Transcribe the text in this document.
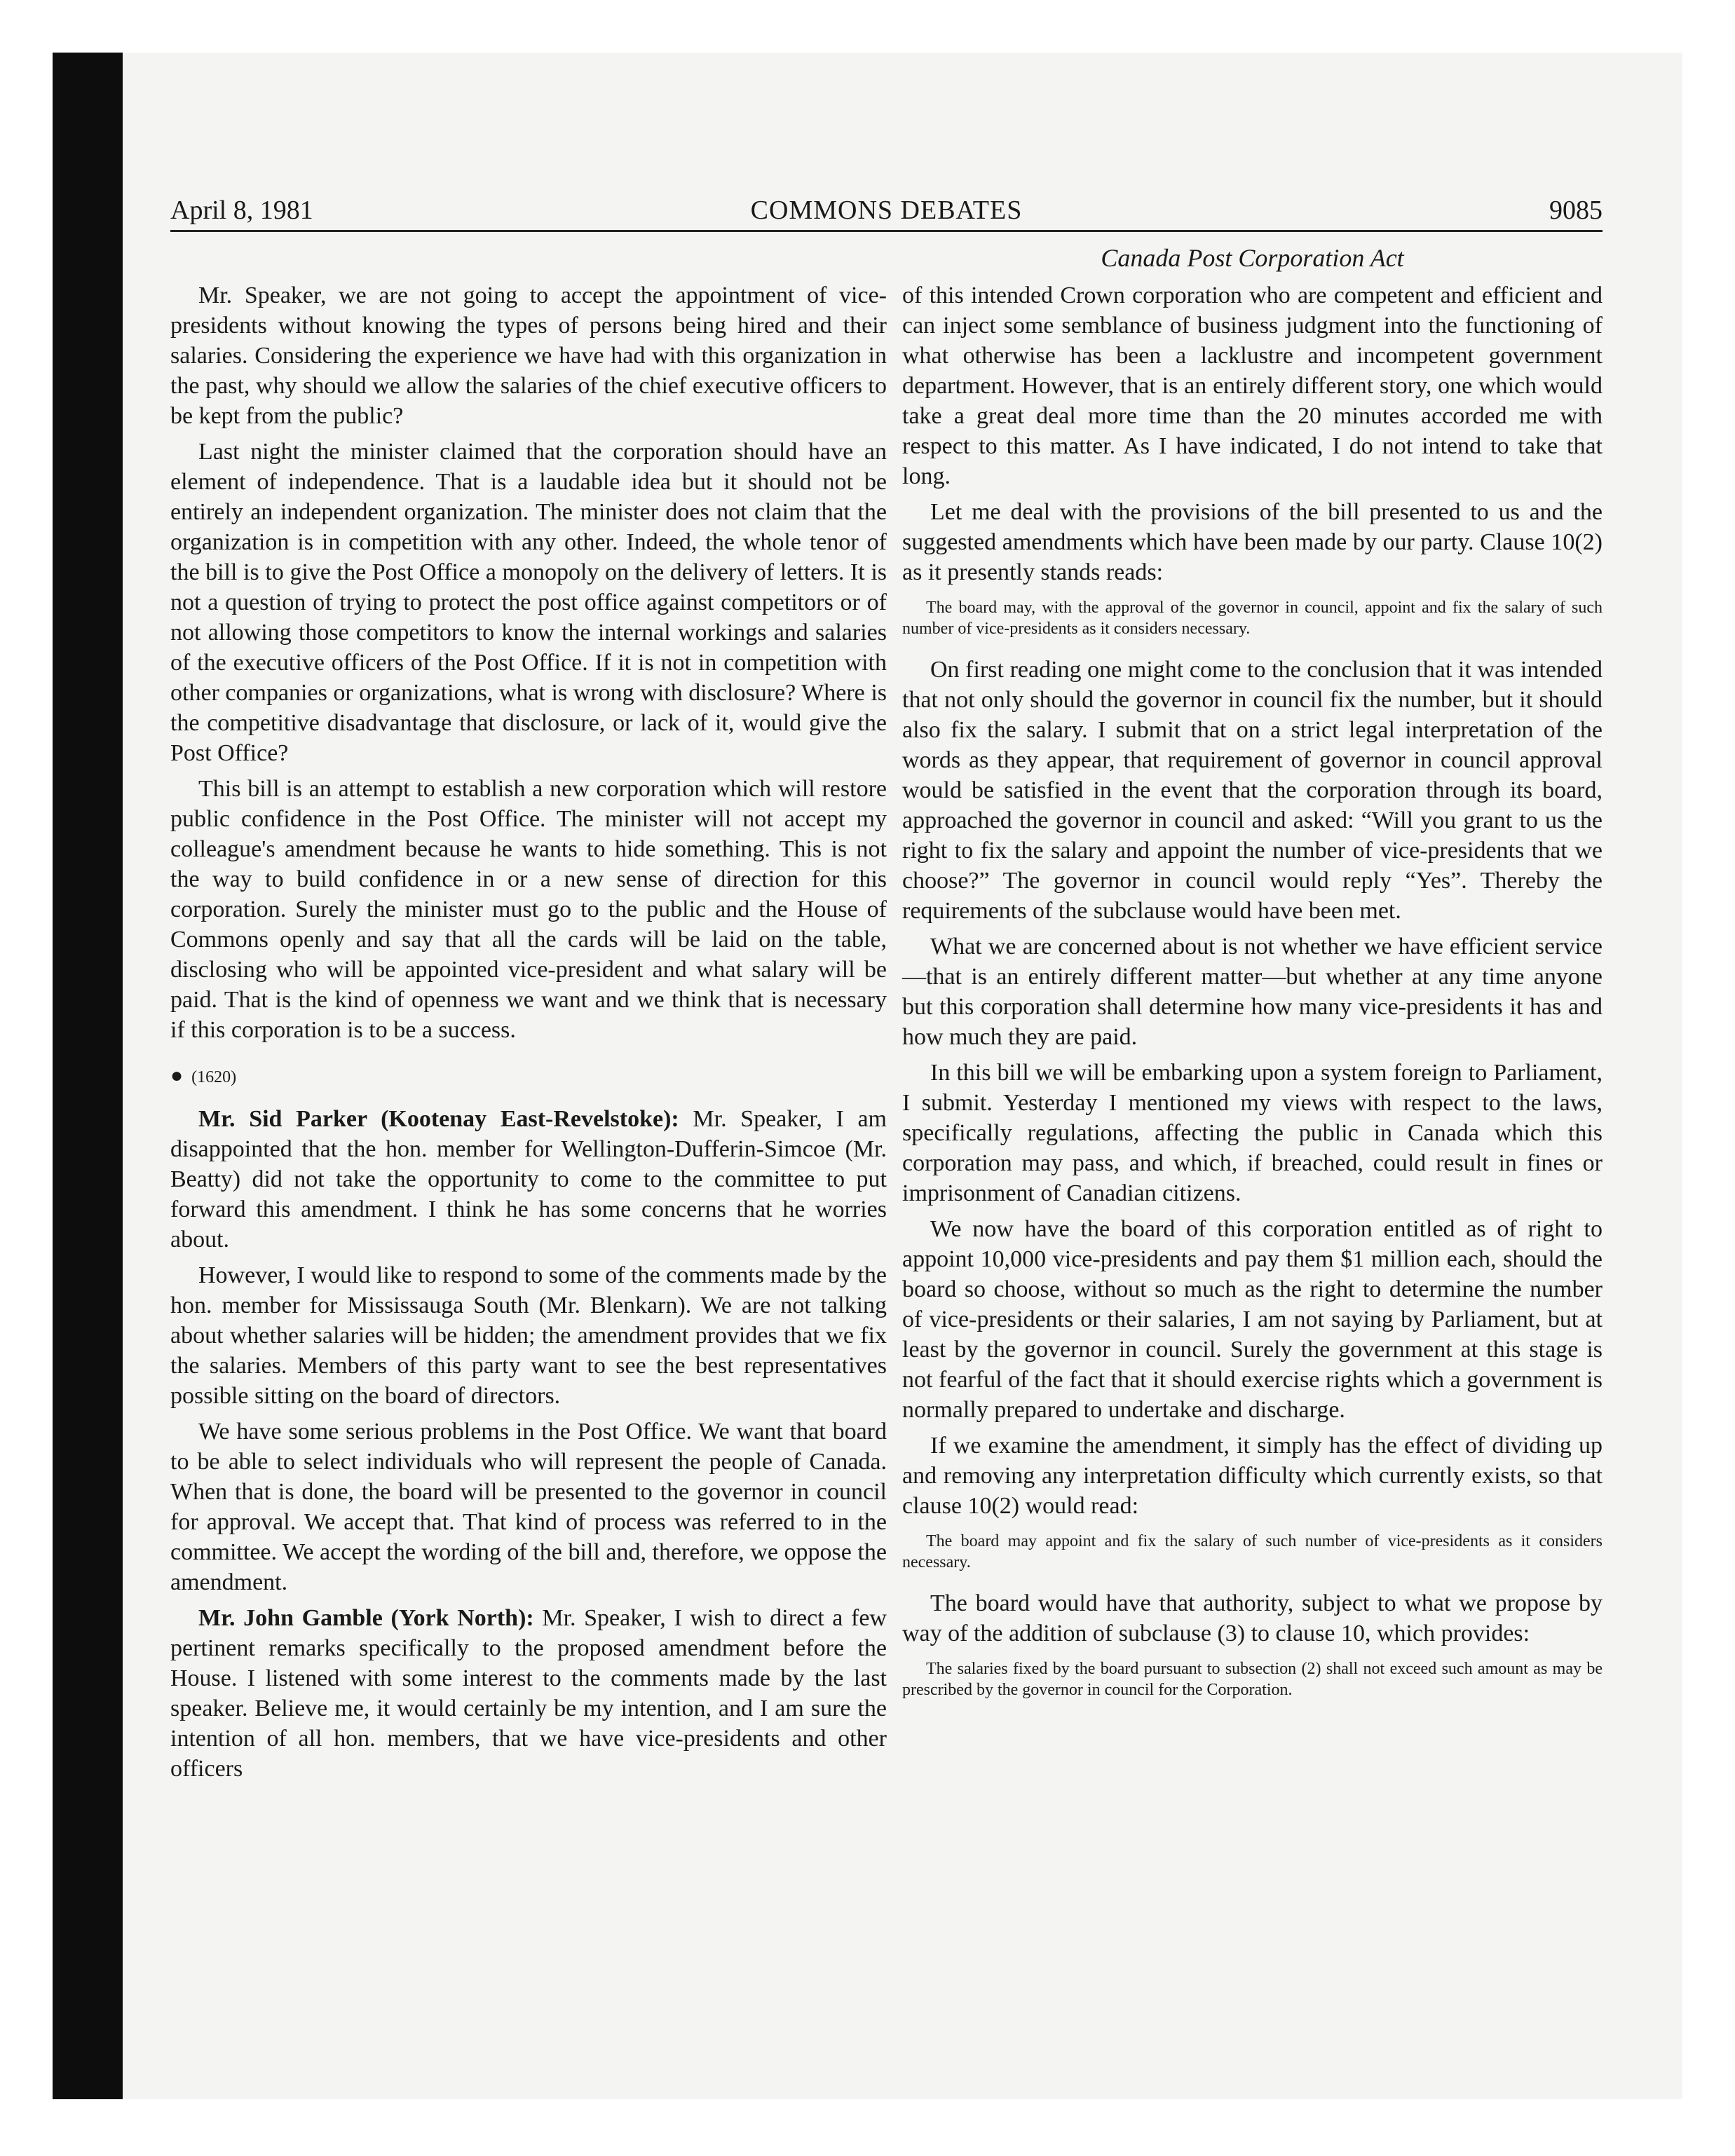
April 8, 1981	COMMONS DEBATES	9085
Canada Post Corporation Act

Mr. Speaker, we are not going to accept the appointment of vice-presidents without knowing the types of persons being hired and their salaries. Considering the experience we have had with this organization in the past, why should we allow the salaries of the chief executive officers to be kept from the public?

Last night the minister claimed that the corporation should have an element of independence. That is a laudable idea but it should not be entirely an independent organization. The minister does not claim that the organization is in competition with any other. Indeed, the whole tenor of the bill is to give the Post Office a monopoly on the delivery of letters. It is not a question of trying to protect the post office against competitors or of not allowing those competitors to know the internal workings and salaries of the executive officers of the Post Office. If it is not in competition with other companies or organizations, what is wrong with disclosure? Where is the competitive disadvantage that disclosure, or lack of it, would give the Post Office?

This bill is an attempt to establish a new corporation which will restore public confidence in the Post Office. The minister will not accept my colleague's amendment because he wants to hide something. This is not the way to build confidence in or a new sense of direction for this corporation. Surely the minister must go to the public and the House of Commons openly and say that all the cards will be laid on the table, disclosing who will be appointed vice-president and what salary will be paid. That is the kind of openness we want and we think that is necessary if this corporation is to be a success.

● (1620)

Mr. Sid Parker (Kootenay East-Revelstoke): Mr. Speaker, I am disappointed that the hon. member for Wellington-Dufferin-Simcoe (Mr. Beatty) did not take the opportunity to come to the committee to put forward this amendment. I think he has some concerns that he worries about.

However, I would like to respond to some of the comments made by the hon. member for Mississauga South (Mr. Blenkarn). We are not talking about whether salaries will be hidden; the amendment provides that we fix the salaries. Members of this party want to see the best representatives possible sitting on the board of directors.

We have some serious problems in the Post Office. We want that board to be able to select individuals who will represent the people of Canada. When that is done, the board will be presented to the governor in council for approval. We accept that. That kind of process was referred to in the committee. We accept the wording of the bill and, therefore, we oppose the amendment.

Mr. John Gamble (York North): Mr. Speaker, I wish to direct a few pertinent remarks specifically to the proposed amendment before the House. I listened with some interest to the comments made by the last speaker. Believe me, it would certainly be my intention, and I am sure the intention of all hon. members, that we have vice-presidents and other officers

of this intended Crown corporation who are competent and efficient and can inject some semblance of business judgment into the functioning of what otherwise has been a lacklustre and incompetent government department. However, that is an entirely different story, one which would take a great deal more time than the 20 minutes accorded me with respect to this matter. As I have indicated, I do not intend to take that long.

Let me deal with the provisions of the bill presented to us and the suggested amendments which have been made by our party. Clause 10(2) as it presently stands reads:

The board may, with the approval of the governor in council, appoint and fix the salary of such number of vice-presidents as it considers necessary.

On first reading one might come to the conclusion that it was intended that not only should the governor in council fix the number, but it should also fix the salary. I submit that on a strict legal interpretation of the words as they appear, that requirement of governor in council approval would be satisfied in the event that the corporation through its board, approached the governor in council and asked: “Will you grant to us the right to fix the salary and appoint the number of vice-presidents that we choose?” The governor in council would reply “Yes”. Thereby the requirements of the subclause would have been met.

What we are concerned about is not whether we have efficient service—that is an entirely different matter—but whether at any time anyone but this corporation shall determine how many vice-presidents it has and how much they are paid.

In this bill we will be embarking upon a system foreign to Parliament, I submit. Yesterday I mentioned my views with respect to the laws, specifically regulations, affecting the public in Canada which this corporation may pass, and which, if breached, could result in fines or imprisonment of Canadian citizens.

We now have the board of this corporation entitled as of right to appoint 10,000 vice-presidents and pay them $1 million each, should the board so choose, without so much as the right to determine the number of vice-presidents or their salaries, I am not saying by Parliament, but at least by the governor in council. Surely the government at this stage is not fearful of the fact that it should exercise rights which a government is normally prepared to undertake and discharge.

If we examine the amendment, it simply has the effect of dividing up and removing any interpretation difficulty which currently exists, so that clause 10(2) would read:

The board may appoint and fix the salary of such number of vice-presidents as it considers necessary.

The board would have that authority, subject to what we propose by way of the addition of subclause (3) to clause 10, which provides:

The salaries fixed by the board pursuant to subsection (2) shall not exceed such amount as may be prescribed by the governor in council for the Corporation.
